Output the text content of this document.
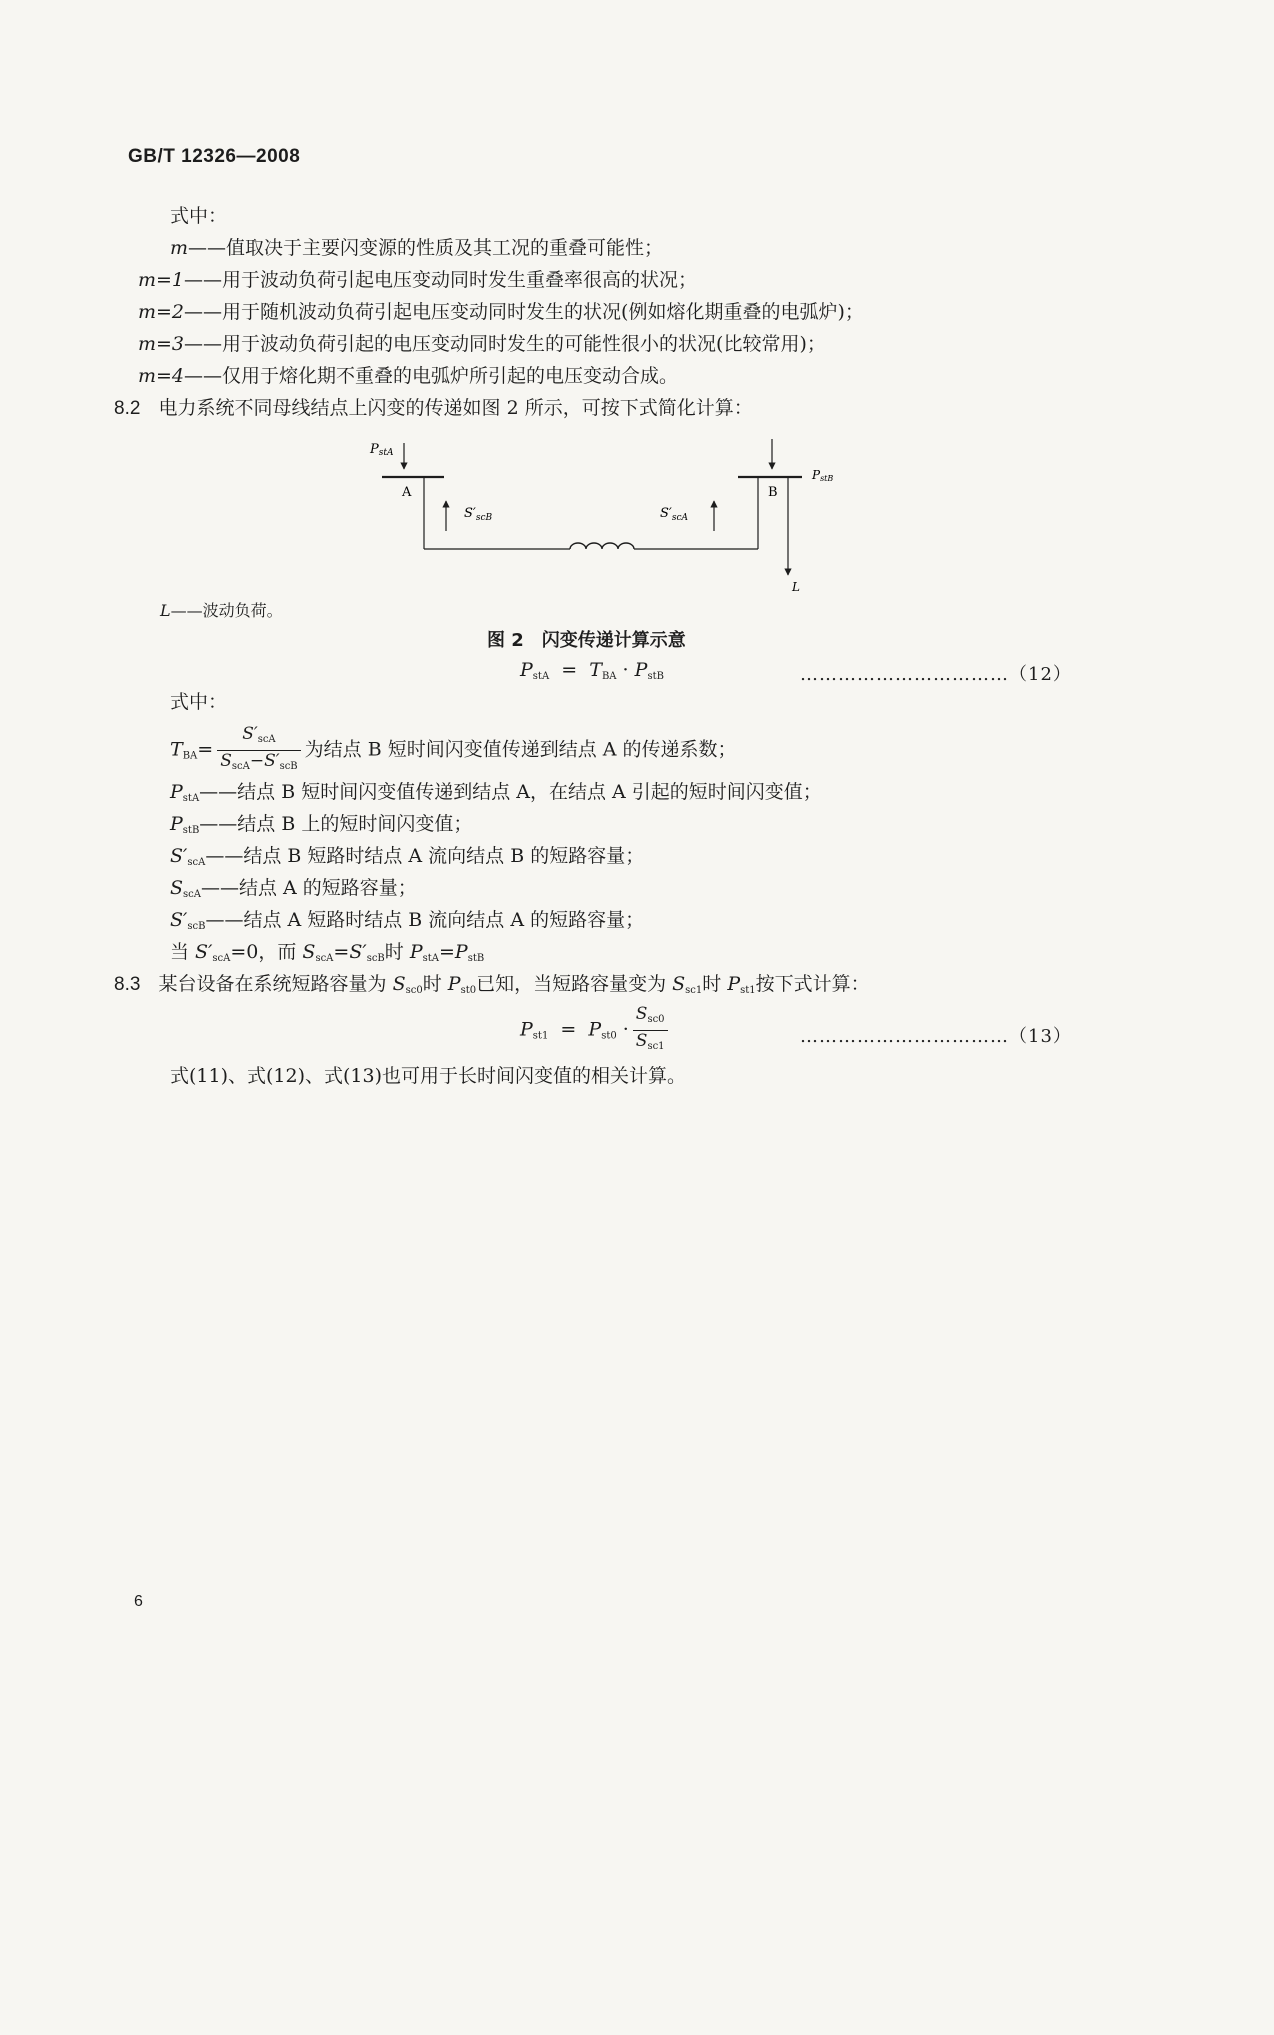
GB/T 12326—2008
式中：
m——值取决于主要闪变源的性质及其工况的重叠可能性；
m=1——用于波动负荷引起电压变动同时发生重叠率很高的状况；
m=2——用于随机波动负荷引起电压变动同时发生的状况(例如熔化期重叠的电弧炉)；
m=3——用于波动负荷引起的电压变动同时发生的可能性很小的状况(比较常用)；
m=4——仅用于熔化期不重叠的电弧炉所引起的电压变动合成。
8.2 电力系统不同母线结点上闪变的传递如图 2 所示，可按下式简化计算：
PstA
A
$S'_{scB}$	$S'_{scA}$
B
PstB
L
L——波动负荷。
图 2　闪变传递计算示意
$P_{stA} = T_{BA} \cdot P_{stB}$	……………………………（12）
式中：
$T_{BA}= \frac{S'_{scA}}{S_{scA}-S'_{scB}}$ 为结点 B 短时间闪变值传递到结点 A 的传递系数；
$P_{stA}——$结点 B 短时间闪变值传递到结点 A，在结点 A 引起的短时间闪变值；
$P_{stB}——$结点 B 上的短时间闪变值；
$S'_{scA}——$结点 B 短路时结点 A 流向结点 B 的短路容量；
$S_{scA}——$结点 A 的短路容量；
$S'_{scB}——$结点 A 短路时结点 B 流向结点 A 的短路容量；
当 $S'_{scA}=0$，而 $S_{scA}=S'_{scB}$时 $P_{stA}=P_{stB}$
8.3 某台设备在系统短路容量为 $S_{sc0}$时 $P_{st0}$已知，当短路容量变为 $S_{sc1}$时 $P_{st1}$按下式计算：
$P_{st1} = P_{st0} \cdot \frac{S_{sc0}}{S_{sc1}}$	……………………………（13）
式(11)、式(12)、式(13)也可用于长时间闪变值的相关计算。
6
